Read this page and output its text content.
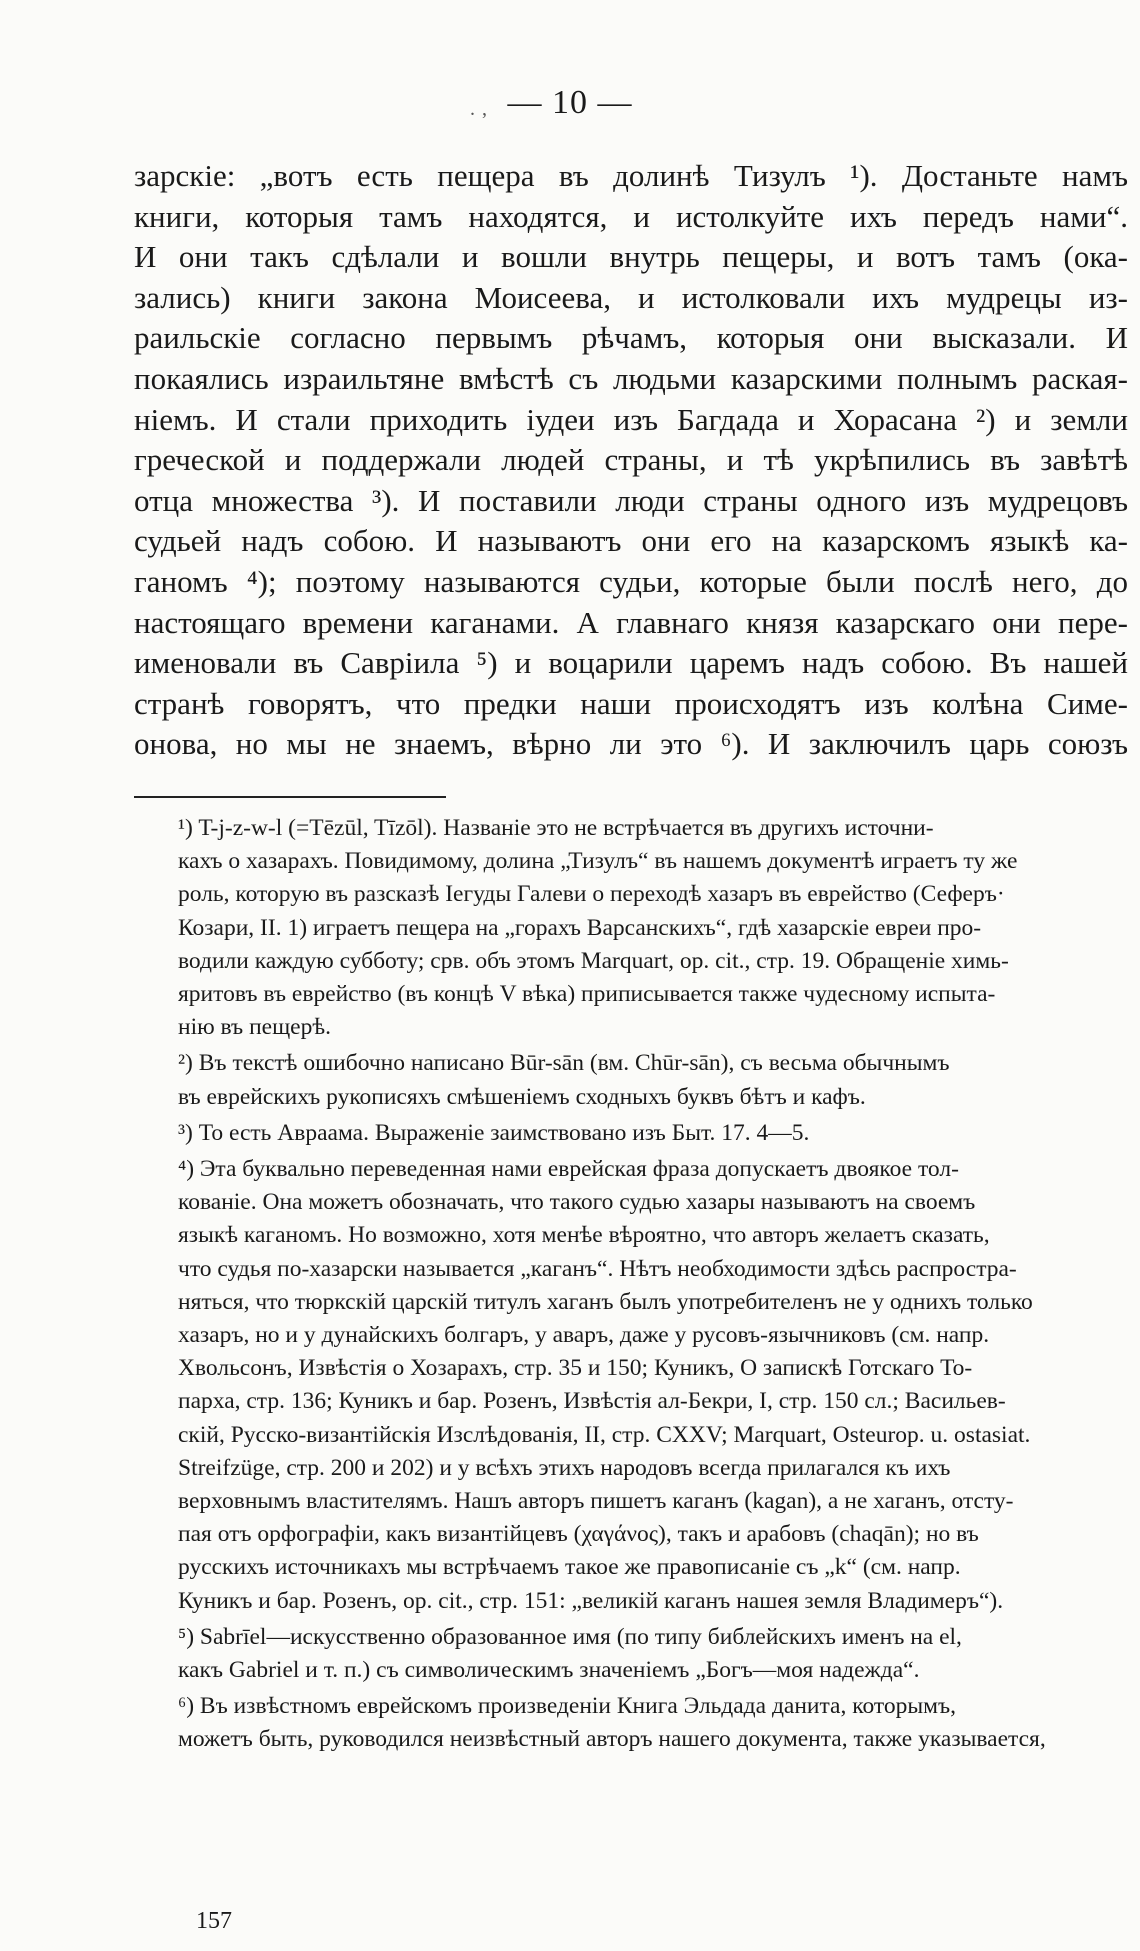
. , — 10 —

зарскіе: „вотъ есть пещера въ долинѣ Тизулъ ¹). Достаньте намъ

книги, которыя тамъ находятся, и истолкуйте ихъ передъ нами“.

И они такъ сдѣлали и вошли внутрь пещеры, и вотъ тамъ (ока-

зались) книги закона Моисеева, и истолковали ихъ мудрецы из-

раильскіе согласно первымъ рѣчамъ, которыя они высказали. И

покаялись израильтяне вмѣстѣ съ людьми казарскими полнымъ раская-

ніемъ. И стали приходить іудеи изъ Багдада и Хорасана ²) и земли

греческой и поддержали людей страны, и тѣ укрѣпились въ завѣтѣ

отца множества ³). И поставили люди страны одного изъ мудрецовъ

судьей надъ собою. И называютъ они его на казарскомъ языкѣ ка-

ганомъ ⁴); поэтому называются судьи, которые были послѣ него, до

настоящаго времени каганами. А главнаго князя казарскаго они пере-

именовали въ Савріила ⁵) и воцарили царемъ надъ собою. Въ нашей

странѣ говорятъ, что предки наши происходятъ изъ колѣна Симе-

онова, но мы не знаемъ, вѣрно ли это ⁶). И заключилъ царь союзъ

¹) T-j-z-w-l (=Tēzūl, Tīzōl). Названіе это не встрѣчается въ другихъ источни-
кахъ о хазарахъ. Повидимому, долина „Тизулъ“ въ нашемъ документѣ играетъ ту же
роль, которую въ разсказѣ Іегуды Галеви о переходѣ хазаръ въ еврейство (Сеферъ·
Козари, II. 1) играетъ пещера на „горахъ Варсанскихъ“, гдѣ хазарскіе евреи про-
водили каждую субботу; срв. объ этомъ Marquart, op. cit., стр. 19. Обращеніе химь-
яритовъ въ еврейство (въ концѣ V вѣка) приписывается также чудесному испыта-
нію въ пещерѣ.
²) Въ текстѣ ошибочно написано Būr-sān (вм. Chūr-sān), съ весьма обычнымъ
въ еврейскихъ рукописяхъ смѣшеніемъ сходныхъ буквъ бѣтъ и кафъ.
³) То есть Авраама. Выраженіе заимствовано изъ Быт. 17. 4—5.
⁴) Эта буквально переведенная нами еврейская фраза допускаетъ двоякое тол-
кованіе. Она можетъ обозначать, что такого судью хазары называютъ на своемъ
языкѣ каганомъ. Но возможно, хотя менѣе вѣроятно, что авторъ желаетъ сказать,
что судья по-хазарски называется „каганъ“. Нѣтъ необходимости здѣсь распростра-
няться, что тюркскій царскій титулъ хаганъ былъ употребителенъ не у однихъ только
хазаръ, но и у дунайскихъ болгаръ, у аваръ, даже у русовъ-язычниковъ (см. напр.
Хвольсонъ, Извѣстія о Хозарахъ, стр. 35 и 150; Куникъ, О запискѣ Готскаго То-
парха, стр. 136; Куникъ и бар. Розенъ, Извѣстія ал-Бекри, I, стр. 150 сл.; Васильев-
скій, Русско-византійскія Изслѣдованія, II, стр. CXXV; Marquart, Osteurop. u. ostasiat.
Streifzüge, стр. 200 и 202) и у всѣхъ этихъ народовъ всегда прилагался къ ихъ
верховнымъ властителямъ. Нашъ авторъ пишетъ каганъ (kagan), а не хаганъ, отсту-
пая отъ орфографіи, какъ византійцевъ (χαγάνος), такъ и арабовъ (chaqān); но въ
русскихъ источникахъ мы встрѣчаемъ такое же правописаніе съ „k“ (см. напр.
Куникъ и бар. Розенъ, op. cit., стр. 151: „великій каганъ нашея земля Владимеръ“).
⁵) Sabrīel—искусственно образованное имя (по типу библейскихъ именъ на el,
какъ Gabriel и т. п.) съ символическимъ значеніемъ „Богъ—моя надежда“.
⁶) Въ извѣстномъ еврейскомъ произведеніи Книга Эльдада данита, которымъ,
можетъ быть, руководился неизвѣстный авторъ нашего документа, также указывается,
157
